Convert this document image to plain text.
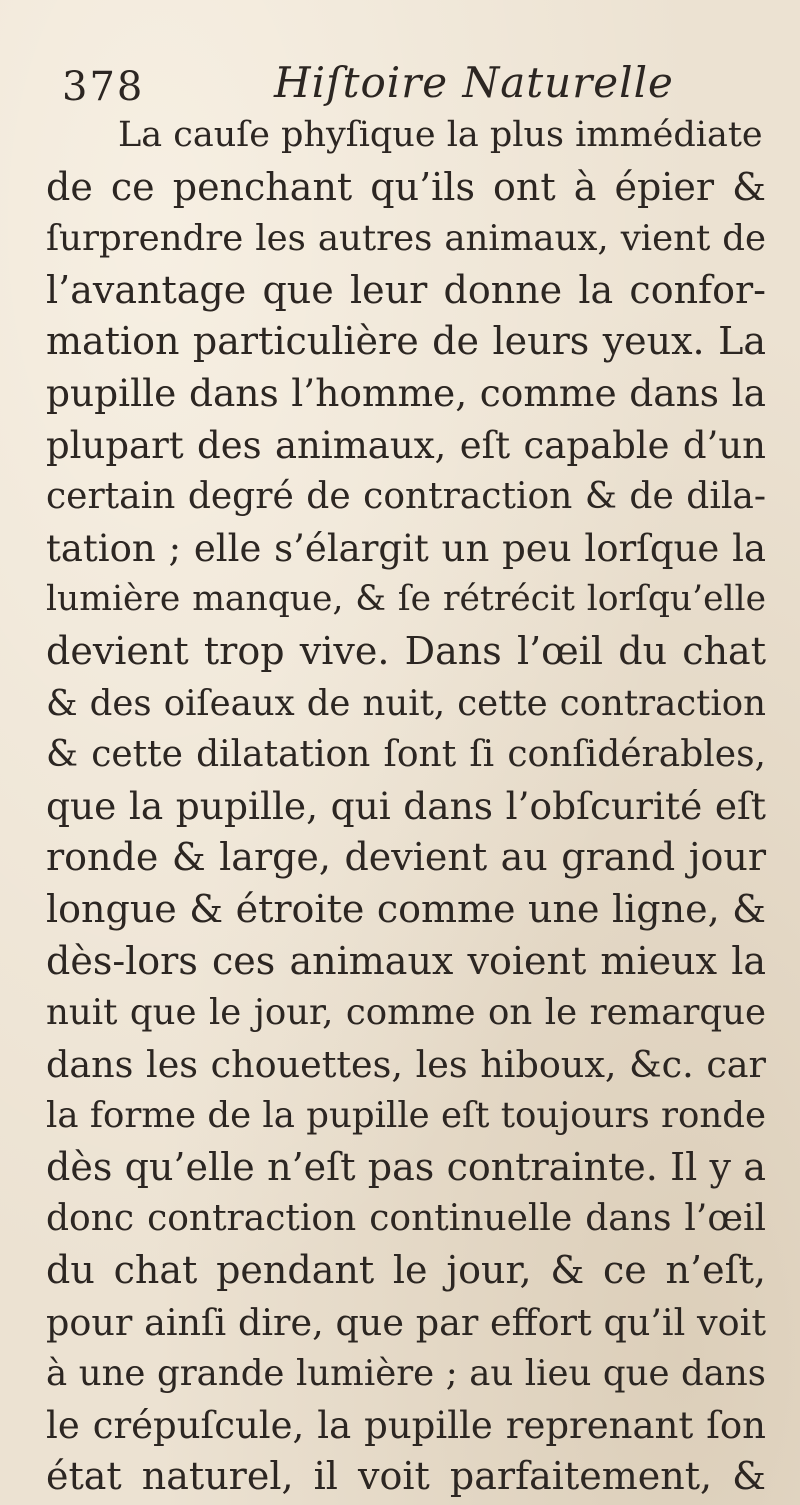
378	Hiſtoire Naturelle
La cauſe phyſique la plus immédiate
de ce penchant qu’ils ont à épier &
ſurprendre les autres animaux, vient de
l’avantage que leur donne la confor-
mation particulière de leurs yeux. La
pupille dans l’homme, comme dans la
plupart des animaux, eſt capable d’un
certain degré de contraction & de dila-
tation ; elle s’élargit un peu lorſque la
lumière manque, & ſe rétrécit lorſqu’elle
devient trop vive. Dans l’œil du chat
& des oiſeaux de nuit, cette contraction
& cette dilatation ſont ſi conſidérables,
que la pupille, qui dans l’obſcurité eſt
ronde & large, devient au grand jour
longue & étroite comme une ligne, &
dès-lors ces animaux voient mieux la
nuit que le jour, comme on le remarque
dans les chouettes, les hiboux, &c. car
la forme de la pupille eſt toujours ronde
dès qu’elle n’eſt pas contrainte. Il y a
donc contraction continuelle dans l’œil
du chat pendant le jour, & ce n’eſt,
pour ainſi dire, que par effort qu’il voit
à une grande lumière ; au lieu que dans
le crépuſcule, la pupille reprenant ſon
état naturel, il voit parfaitement, &
